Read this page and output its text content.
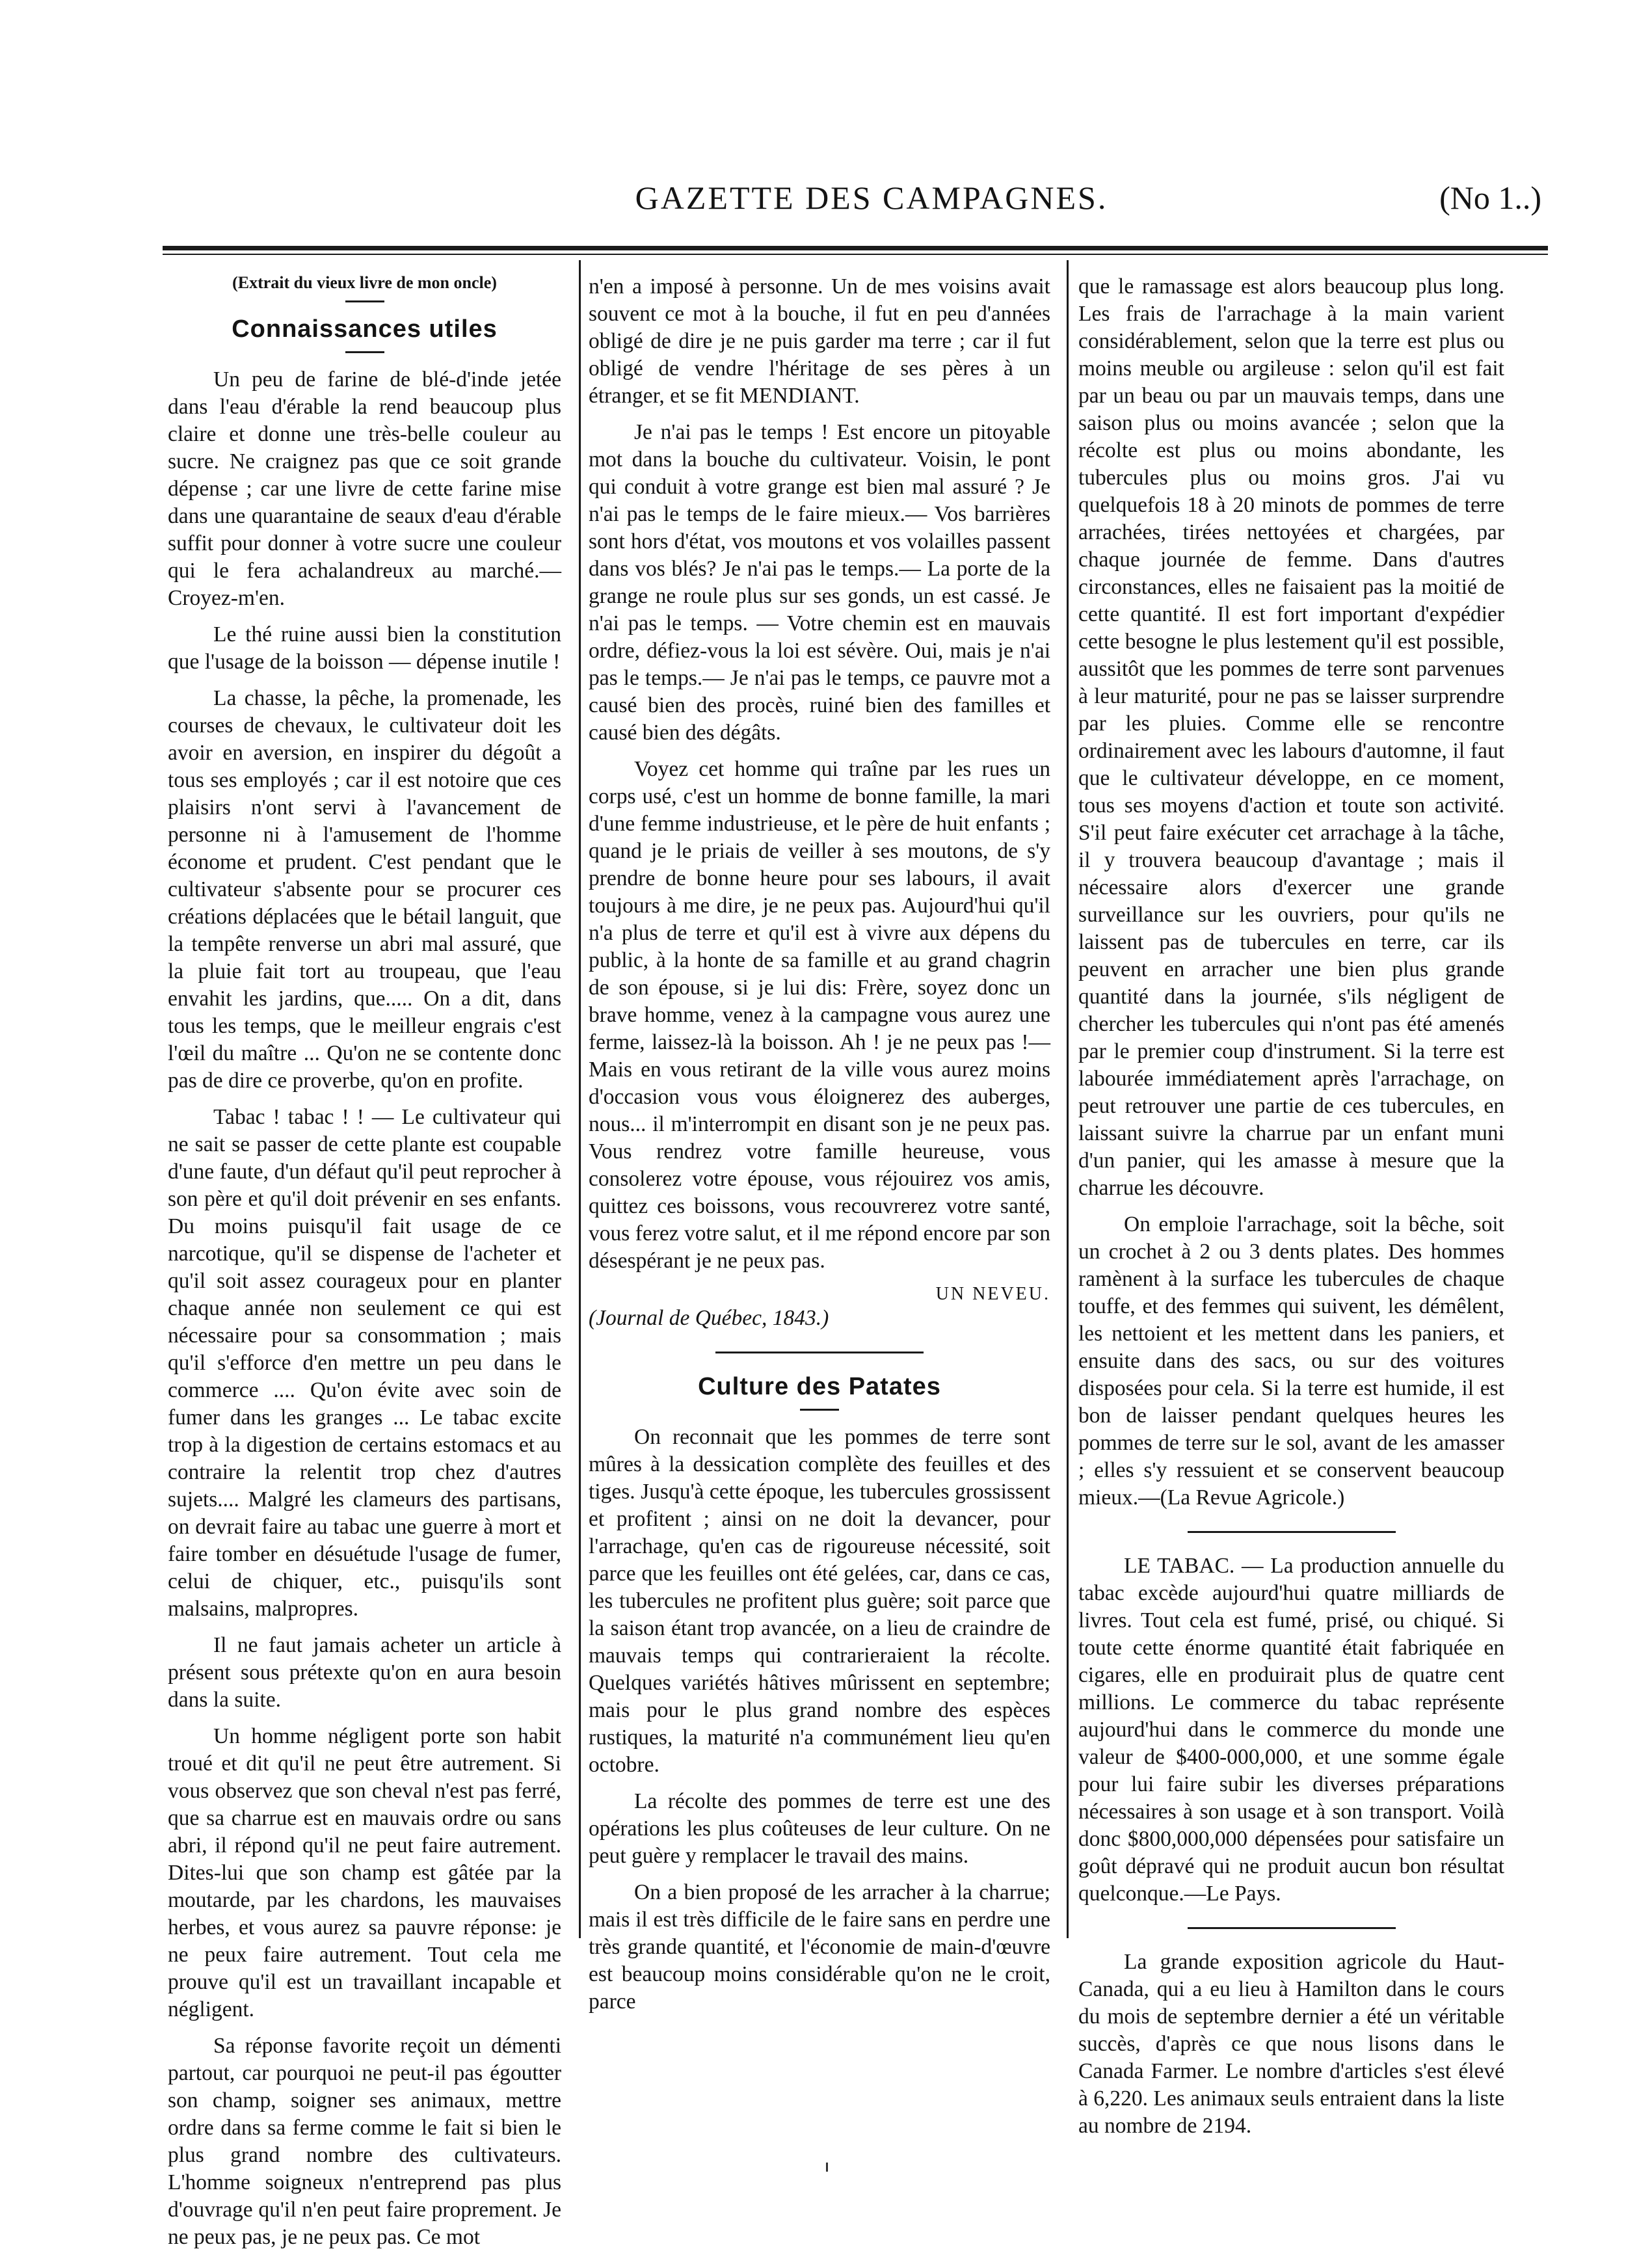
GAZETTE DES CAMPAGNES.	(No 1..)
(Extrait du vieux livre de mon oncle)
Connaissances utiles

Un peu de farine de blé-d'inde jetée dans l'eau d'érable la rend beaucoup plus claire et donne une très-belle couleur au sucre. Ne craignez pas que ce soit grande dépense ; car une livre de cette farine mise dans une quarantaine de seaux d'eau d'érable suffit pour donner à votre sucre une couleur qui le fera achalandreux au marché.— Croyez-m'en.

Le thé ruine aussi bien la constitution que l'usage de la boisson — dépense inutile !

La chasse, la pêche, la promenade, les courses de chevaux, le cultivateur doit les avoir en aversion, en inspirer du dégoût a tous ses employés ; car il est notoire que ces plaisirs n'ont servi à l'avancement de personne ni à l'amusement de l'homme économe et prudent. C'est pendant que le cultivateur s'absente pour se procurer ces créations déplacées que le bétail languit, que la tempête renverse un abri mal assuré, que la pluie fait tort au troupeau, que l'eau envahit les jardins, que..... On a dit, dans tous les temps, que le meilleur engrais c'est l'œil du maître ... Qu'on ne se contente donc pas de dire ce proverbe, qu'on en profite.

Tabac ! tabac ! ! — Le cultivateur qui ne sait se passer de cette plante est coupable d'une faute, d'un défaut qu'il peut reprocher à son père et qu'il doit prévenir en ses enfants. Du moins puisqu'il fait usage de ce narcotique, qu'il se dispense de l'acheter et qu'il soit assez courageux pour en planter chaque année non seulement ce qui est nécessaire pour sa consommation ; mais qu'il s'efforce d'en mettre un peu dans le commerce .... Qu'on évite avec soin de fumer dans les granges ... Le tabac excite trop à la digestion de certains estomacs et au contraire la relentit trop chez d'autres sujets.... Malgré les clameurs des partisans, on devrait faire au tabac une guerre à mort et faire tomber en désuétude l'usage de fumer, celui de chiquer, etc., puisqu'ils sont malsains, malpropres.

Il ne faut jamais acheter un article à présent sous prétexte qu'on en aura besoin dans la suite.

Un homme négligent porte son habit troué et dit qu'il ne peut être autrement. Si vous observez que son cheval n'est pas ferré, que sa charrue est en mauvais ordre ou sans abri, il répond qu'il ne peut faire autrement. Dites-lui que son champ est gâtée par la moutarde, par les chardons, les mauvaises herbes, et vous aurez sa pauvre réponse: je ne peux faire autrement. Tout cela me prouve qu'il est un travaillant incapable et négligent.

Sa réponse favorite reçoit un démenti partout, car pourquoi ne peut-il pas égoutter son champ, soigner ses animaux, mettre ordre dans sa ferme comme le fait si bien le plus grand nombre des cultivateurs. L'homme soigneux n'entreprend pas plus d'ouvrage qu'il n'en peut faire proprement. Je ne peux pas, je ne peux pas. Ce mot

n'en a imposé à personne. Un de mes voisins avait souvent ce mot à la bouche, il fut en peu d'années obligé de dire je ne puis garder ma terre ; car il fut obligé de vendre l'héritage de ses pères à un étranger, et se fit MENDIANT.

Je n'ai pas le temps ! Est encore un pitoyable mot dans la bouche du cultivateur. Voisin, le pont qui conduit à votre grange est bien mal assuré ? Je n'ai pas le temps de le faire mieux.— Vos barrières sont hors d'état, vos moutons et vos volailles passent dans vos blés? Je n'ai pas le temps.— La porte de la grange ne roule plus sur ses gonds, un est cassé. Je n'ai pas le temps. — Votre chemin est en mauvais ordre, défiez-vous la loi est sévère. Oui, mais je n'ai pas le temps.— Je n'ai pas le temps, ce pauvre mot a causé bien des procès, ruiné bien des familles et causé bien des dégâts.

Voyez cet homme qui traîne par les rues un corps usé, c'est un homme de bonne famille, la mari d'une femme industrieuse, et le père de huit enfants ; quand je le priais de veiller à ses moutons, de s'y prendre de bonne heure pour ses labours, il avait toujours à me dire, je ne peux pas. Aujourd'hui qu'il n'a plus de terre et qu'il est à vivre aux dépens du public, à la honte de sa famille et au grand chagrin de son épouse, si je lui dis: Frère, soyez donc un brave homme, venez à la campagne vous aurez une ferme, laissez-là la boisson. Ah ! je ne peux pas !—Mais en vous retirant de la ville vous aurez moins d'occasion vous vous éloignerez des auberges, nous... il m'interrompit en disant son je ne peux pas. Vous rendrez votre famille heureuse, vous consolerez votre épouse, vous réjouirez vos amis, quittez ces boissons, vous recouvrerez votre santé, vous ferez votre salut, et il me répond encore par son désespérant je ne peux pas.

UN NEVEU.
(Journal de Québec, 1843.)
Culture des Patates

On reconnait que les pommes de terre sont mûres à la dessication complète des feuilles et des tiges. Jusqu'à cette époque, les tubercules grossissent et profitent ; ainsi on ne doit la devancer, pour l'arrachage, qu'en cas de rigoureuse nécessité, soit parce que les feuilles ont été gelées, car, dans ce cas, les tubercules ne profitent plus guère; soit parce que la saison étant trop avancée, on a lieu de craindre de mauvais temps qui contrarieraient la récolte. Quelques variétés hâtives mûrissent en septembre; mais pour le plus grand nombre des espèces rustiques, la maturité n'a communément lieu qu'en octobre.

La récolte des pommes de terre est une des opérations les plus coûteuses de leur culture. On ne peut guère y remplacer le travail des mains.

On a bien proposé de les arracher à la charrue; mais il est très difficile de le faire sans en perdre une très grande quantité, et l'économie de main-d'œuvre est beaucoup moins considérable qu'on ne le croit, parce

que le ramassage est alors beaucoup plus long. Les frais de l'arrachage à la main varient considérablement, selon que la terre est plus ou moins meuble ou argileuse : selon qu'il est fait par un beau ou par un mauvais temps, dans une saison plus ou moins avancée ; selon que la récolte est plus ou moins abondante, les tubercules plus ou moins gros. J'ai vu quelquefois 18 à 20 minots de pommes de terre arrachées, tirées nettoyées et chargées, par chaque journée de femme. Dans d'autres circonstances, elles ne faisaient pas la moitié de cette quantité. Il est fort important d'expédier cette besogne le plus lestement qu'il est possible, aussitôt que les pommes de terre sont parvenues à leur maturité, pour ne pas se laisser surprendre par les pluies. Comme elle se rencontre ordinairement avec les labours d'automne, il faut que le cultivateur développe, en ce moment, tous ses moyens d'action et toute son activité. S'il peut faire exécuter cet arrachage à la tâche, il y trouvera beaucoup d'avantage ; mais il nécessaire alors d'exercer une grande surveillance sur les ouvriers, pour qu'ils ne laissent pas de tubercules en terre, car ils peuvent en arracher une bien plus grande quantité dans la journée, s'ils négligent de chercher les tubercules qui n'ont pas été amenés par le premier coup d'instrument. Si la terre est labourée immédiatement après l'arrachage, on peut retrouver une partie de ces tubercules, en laissant suivre la charrue par un enfant muni d'un panier, qui les amasse à mesure que la charrue les découvre.

On emploie l'arrachage, soit la bêche, soit un crochet à 2 ou 3 dents plates. Des hommes ramènent à la surface les tubercules de chaque touffe, et des femmes qui suivent, les démêlent, les nettoient et les mettent dans les paniers, et ensuite dans des sacs, ou sur des voitures disposées pour cela. Si la terre est humide, il est bon de laisser pendant quelques heures les pommes de terre sur le sol, avant de les amasser ; elles s'y ressuient et se conservent beaucoup mieux.—(La Revue Agricole.)

LE TABAC. — La production annuelle du tabac excède aujourd'hui quatre milliards de livres. Tout cela est fumé, prisé, ou chiqué. Si toute cette énorme quantité était fabriquée en cigares, elle en produirait plus de quatre cent millions. Le commerce du tabac représente aujourd'hui dans le commerce du monde une valeur de $400-000,000, et une somme égale pour lui faire subir les diverses préparations nécessaires à son usage et à son transport. Voilà donc $800,000,000 dépensées pour satisfaire un goût dépravé qui ne produit aucun bon résultat quelconque.—Le Pays.

La grande exposition agricole du Haut-Canada, qui a eu lieu à Hamilton dans le cours du mois de septembre dernier a été un véritable succès, d'après ce que nous lisons dans le Canada Farmer. Le nombre d'articles s'est élevé à 6,220. Les animaux seuls entraient dans la liste au nombre de 2194.
